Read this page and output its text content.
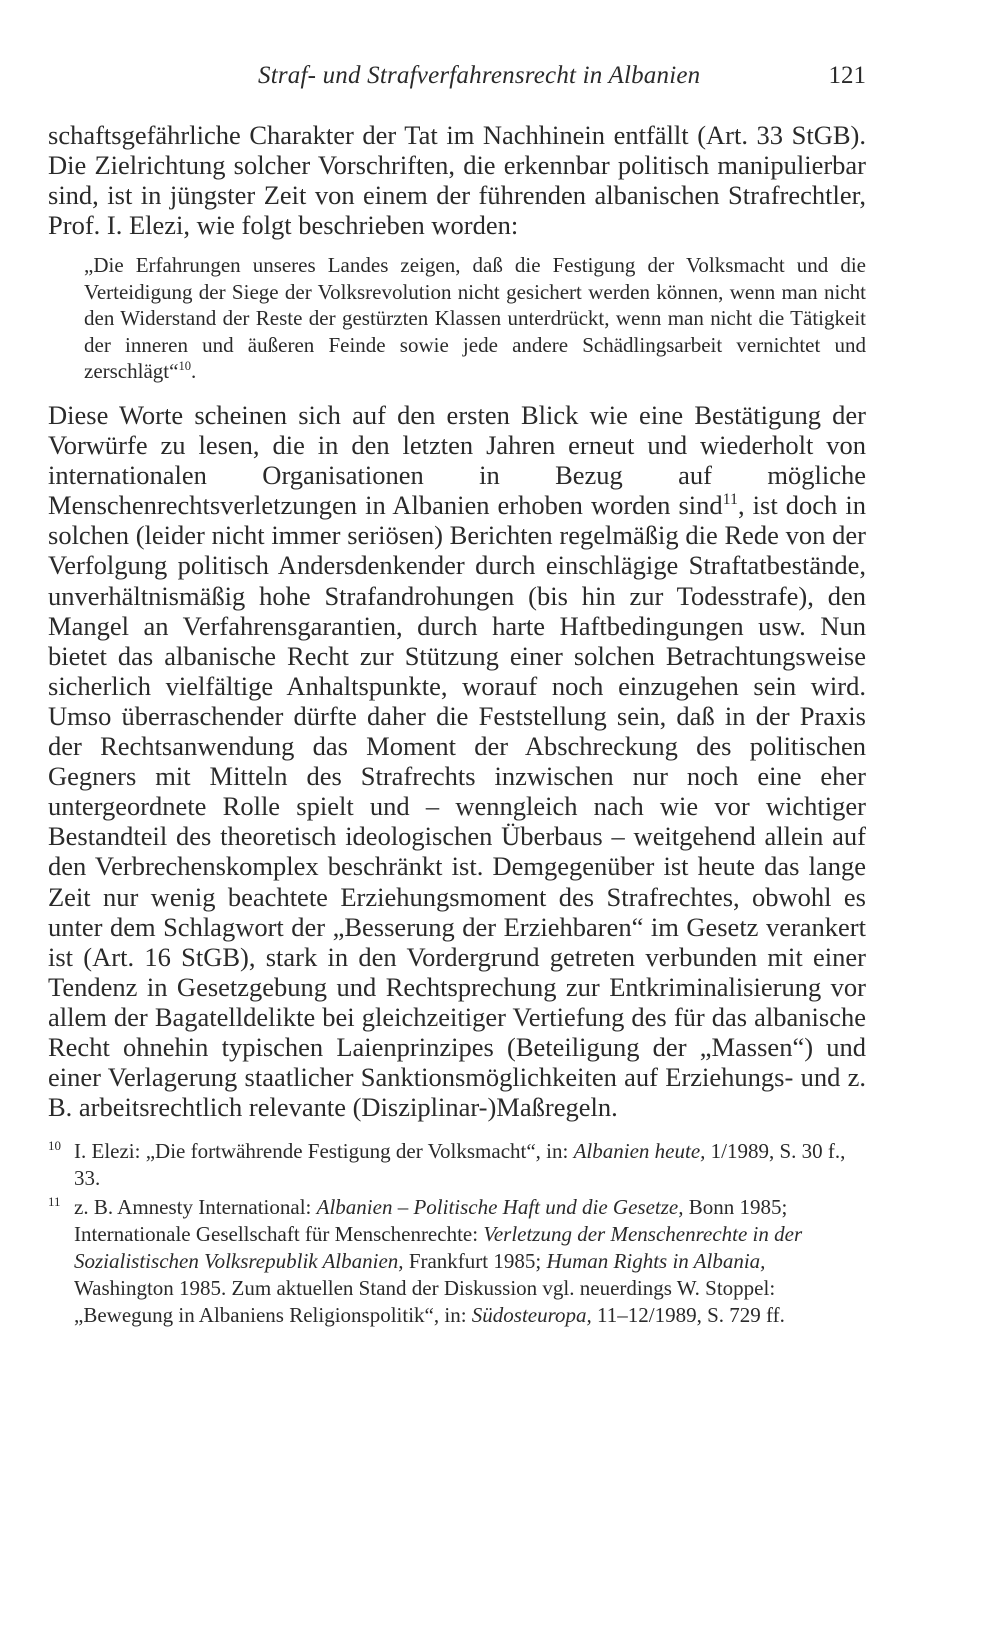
Straf- und Strafverfahrensrecht in Albanien	121

schaftsgefährliche Charakter der Tat im Nachhinein entfällt (Art. 33 StGB). Die Zielrichtung solcher Vorschriften, die erkennbar politisch manipulierbar sind, ist in jüngster Zeit von einem der führenden albanischen Strafrechtler, Prof. I. Elezi, wie folgt beschrieben worden:

„Die Erfahrungen unseres Landes zeigen, daß die Festigung der Volksmacht und die Verteidigung der Siege der Volksrevolution nicht gesichert werden können, wenn man nicht den Widerstand der Reste der gestürzten Klassen unterdrückt, wenn man nicht die Tätigkeit der inneren und äußeren Feinde sowie jede andere Schädlingsarbeit vernichtet und zerschlägt“$^{10}$.

Diese Worte scheinen sich auf den ersten Blick wie eine Bestätigung der Vorwürfe zu lesen, die in den letzten Jahren erneut und wiederholt von internationalen Organisationen in Bezug auf mögliche Menschenrechtsverletzungen in Albanien erhoben worden sind$^{11}$, ist doch in solchen (leider nicht immer seriösen) Berichten regelmäßig die Rede von der Verfolgung politisch Andersdenkender durch einschlägige Straftatbestände, unverhältnismäßig hohe Strafandrohungen (bis hin zur Todesstrafe), den Mangel an Verfahrensgarantien, durch harte Haftbedingungen usw. Nun bietet das albanische Recht zur Stützung einer solchen Betrachtungsweise sicherlich vielfältige Anhaltspunkte, worauf noch einzugehen sein wird. Umso überraschender dürfte daher die Feststellung sein, daß in der Praxis der Rechtsanwendung das Moment der Abschreckung des politischen Gegners mit Mitteln des Strafrechts inzwischen nur noch eine eher untergeordnete Rolle spielt und – wenngleich nach wie vor wichtiger Bestandteil des theoretisch ideologischen Überbaus – weitgehend allein auf den Verbrechenskomplex beschränkt ist. Demgegenüber ist heute das lange Zeit nur wenig beachtete Erziehungsmoment des Strafrechtes, obwohl es unter dem Schlagwort der „Besserung der Erziehbaren“ im Gesetz verankert ist (Art. 16 StGB), stark in den Vordergrund getreten verbunden mit einer Tendenz in Gesetzgebung und Rechtsprechung zur Entkriminalisierung vor allem der Bagatelldelikte bei gleichzeitiger Vertiefung des für das albanische Recht ohnehin typischen Laienprinzipes (Beteiligung der „Massen“) und einer Verlagerung staatlicher Sanktionsmöglichkeiten auf Erziehungs- und z. B. arbeitsrechtlich relevante (Disziplinar-)Maßregeln.

10 I. Elezi: „Die fortwährende Festigung der Volksmacht“, in: Albanien heute, 1/1989, S. 30 f., 33.
11 z. B. Amnesty International: Albanien – Politische Haft und die Gesetze, Bonn 1985; Internationale Gesellschaft für Menschenrechte: Verletzung der Menschenrechte in der Sozialistischen Volksrepublik Albanien, Frankfurt 1985; Human Rights in Albania, Washington 1985. Zum aktuellen Stand der Diskussion vgl. neuerdings W. Stoppel: „Bewegung in Albaniens Religionspolitik“, in: Südosteuropa, 11–12/1989, S. 729 ff.
